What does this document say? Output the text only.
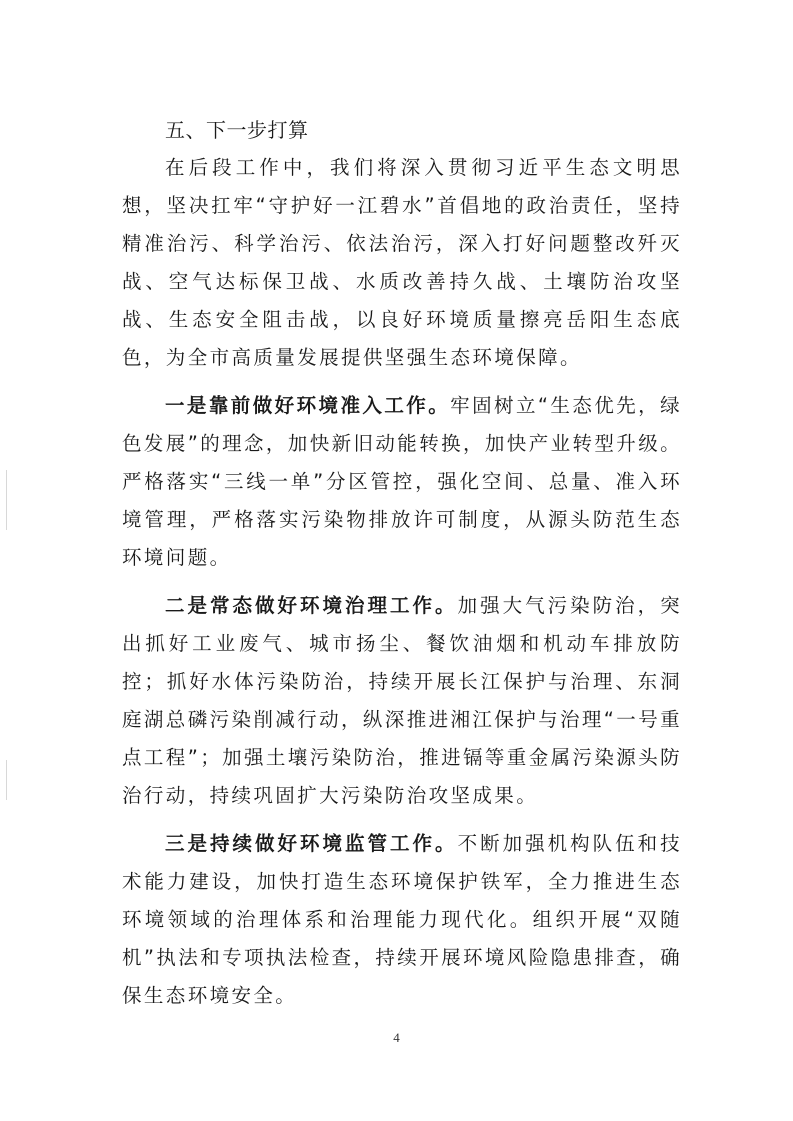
五、下一步打算

在后段工作中，我们将深入贯彻习近平生态文明思想，坚决扛牢“守护好一江碧水”首倡地的政治责任，坚持精准治污、科学治污、依法治污，深入打好问题整改歼灭战、空气达标保卫战、水质改善持久战、土壤防治攻坚战、生态安全阻击战，以良好环境质量擦亮岳阳生态底色，为全市高质量发展提供坚强生态环境保障。

一是靠前做好环境准入工作。牢固树立“生态优先，绿色发展”的理念，加快新旧动能转换，加快产业转型升级。严格落实“三线一单”分区管控，强化空间、总量、准入环境管理，严格落实污染物排放许可制度，从源头防范生态环境问题。

二是常态做好环境治理工作。加强大气污染防治，突出抓好工业废气、城市扬尘、餐饮油烟和机动车排放防控；抓好水体污染防治，持续开展长江保护与治理、东洞庭湖总磷污染削减行动，纵深推进湘江保护与治理“一号重点工程”；加强土壤污染防治，推进镉等重金属污染源头防治行动，持续巩固扩大污染防治攻坚成果。

三是持续做好环境监管工作。不断加强机构队伍和技术能力建设，加快打造生态环境保护铁军，全力推进生态环境领域的治理体系和治理能力现代化。组织开展“双随机”执法和专项执法检查，持续开展环境风险隐患排查，确保生态环境安全。

4
